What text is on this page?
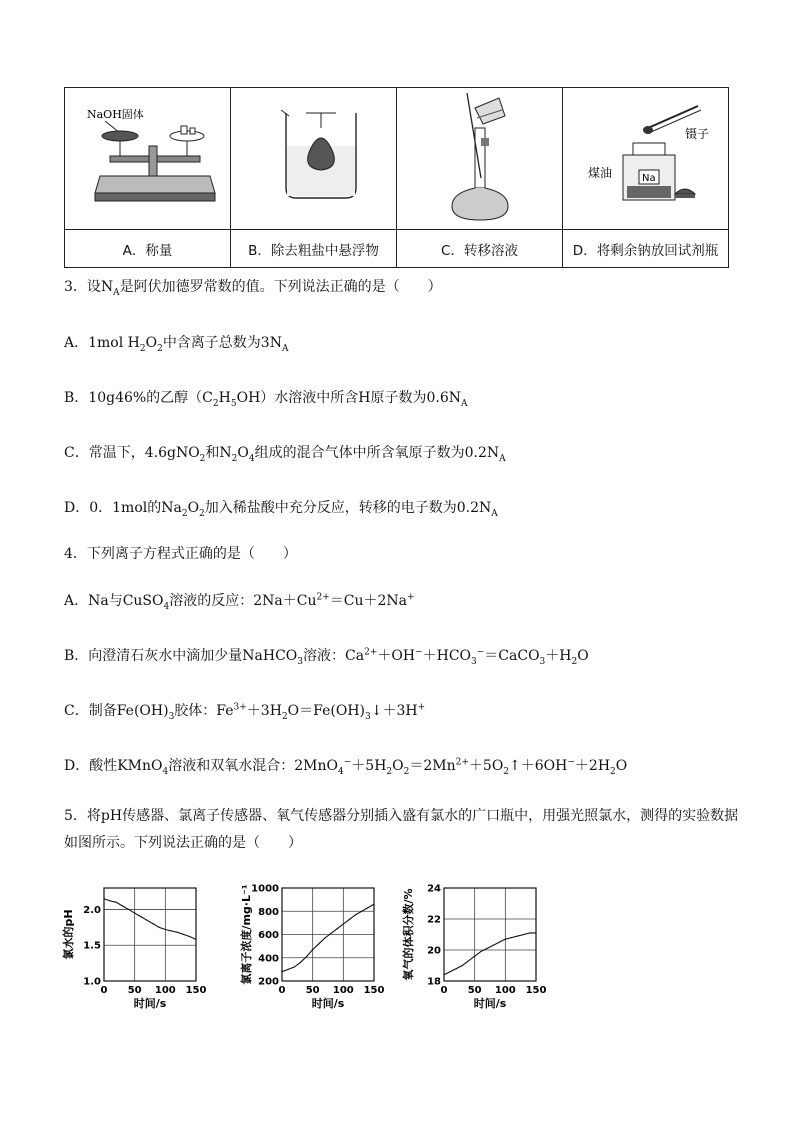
NaOH固体			镊子
Na
煤油

A．称量	B．除去粗盐中悬浮物	C．转移溶液	D．将剩余钠放回试剂瓶
3．设$N_A$是阿伏加德罗常数的值。下列说法正确的是（　　）
A．1mol $H_2O_2$中含离子总数为$3N_A$
B．10g46%的乙醇$(C_2H_5OH)$水溶液中所含H原子数为$0.6N_A$
C．常温下，4.6gNO$_2$和$N_2O_4$组成的混合气体中所含氧原子数为$0.2N_A$
D．0．1mol的$Na_2O_2$加入稀盐酸中充分反应，转移的电子数为$0.2N_A$
4．下列离子方程式正确的是（　　）
A．Na与CuSO$_4$溶液的反应：$2Na+Cu^{2+}=Cu+2Na^+$
B．向澄清石灰水中滴加少量NaHCO$_3$溶液：$Ca^{2+}+OH^-+HCO_3^-=CaCO_3+H_2O$
C．制备$Fe(OH)_3$胶体：$Fe^{3+}+3H_2O=Fe(OH)_3↓+3H^+$
D．酸性KMnO$_4$溶液和双氧水混合：$2MnO_4^-+5H_2O_2=2Mn^{2+}+5O_2↑+6OH^-+2H_2O$
5．将pH传感器、氯离子传感器、氧气传感器分别插入盛有氯水的广口瓶中，用强光照氯水，测得的实验数据如图所示。下列说法正确的是（　　）
0 50 100 150
1.0
1.5
2.0
时间/s
氯水的pH
0 50 100 150
200
400
600
800
1000
时间/s
氯离子浓度/mg·L⁻¹
0 50 100 150
18
20
22
24
时间/s
氧气的体积分数/%
